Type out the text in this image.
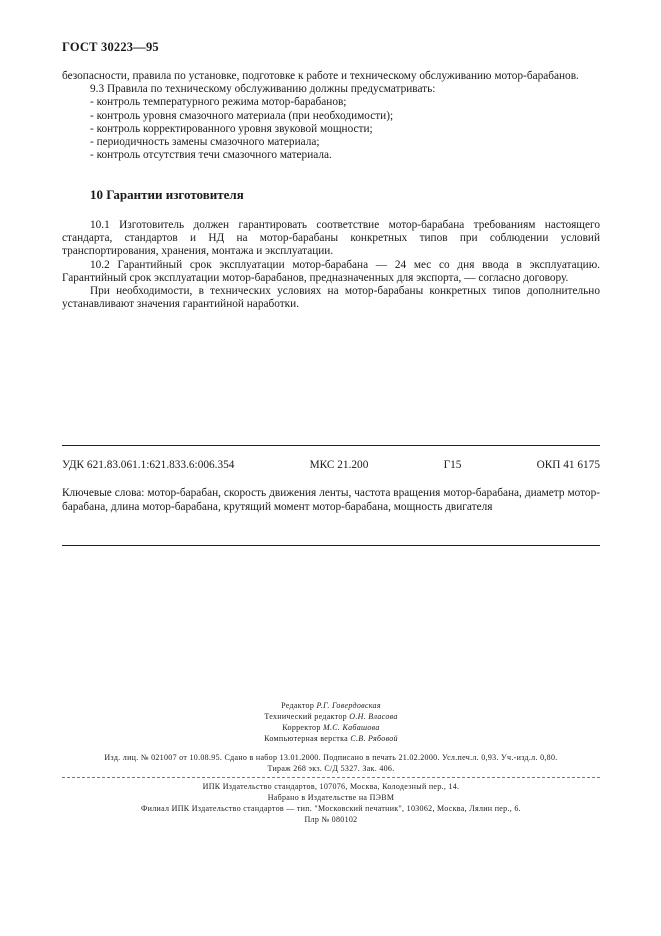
ГОСТ 30223—95

безопасности, правила по установке, подготовке к работе и техническому обслуживанию мотор-барабанов.

9.3 Правила по техническому обслуживанию должны предусматривать:

- контроль температурного режима мотор-барабанов;

- контроль уровня смазочного материала (при необходимости);

- контроль корректированного уровня звуковой мощности;

- периодичность замены смазочного материала;

- контроль отсутствия течи смазочного материала.

10 Гарантии изготовителя

10.1 Изготовитель должен гарантировать соответствие мотор-барабана требованиям настоящего стандарта, стандартов и НД на мотор-барабаны конкретных типов при соблюдении условий транспортирования, хранения, монтажа и эксплуатации.

10.2 Гарантийный срок эксплуатации мотор-барабана — 24 мес со дня ввода в эксплуатацию. Гарантийный срок эксплуатации мотор-барабанов, предназначенных для экспорта, — согласно договору.

При необходимости, в технических условиях на мотор-барабаны конкретных типов дополнительно устанавливают значения гарантийной наработки.

УДК 621.83.061.1:621.833.6:006.354	МКС 21.200	Г15	ОКП 41 6175
Ключевые слова: мотор-барабан, скорость движения ленты, частота вращения мотор-барабана, диаметр мотор-барабана, длина мотор-барабана, крутящий момент мотор-барабана, мощность двигателя
Редактор Р.Г. Говердовская
Технический редактор О.Н. Власова
Корректор М.С. Кабашова
Компьютерная верстка С.В. Рябовой
Изд. лиц. № 021007 от 10.08.95. Сдано в набор 13.01.2000. Подписано в печать 21.02.2000. Усл.печ.л. 0,93. Уч.-изд.л. 0,80.
Тираж 268 экз. С/Д 5327. Зак. 406.
ИПК Издательство стандартов, 107076, Москва, Колодезный пер., 14.
Набрано в Издательстве на ПЭВМ
Филиал ИПК Издательство стандартов — тип. "Московский печатник", 103062, Москва, Лялин пер., 6.
Плр № 080102
